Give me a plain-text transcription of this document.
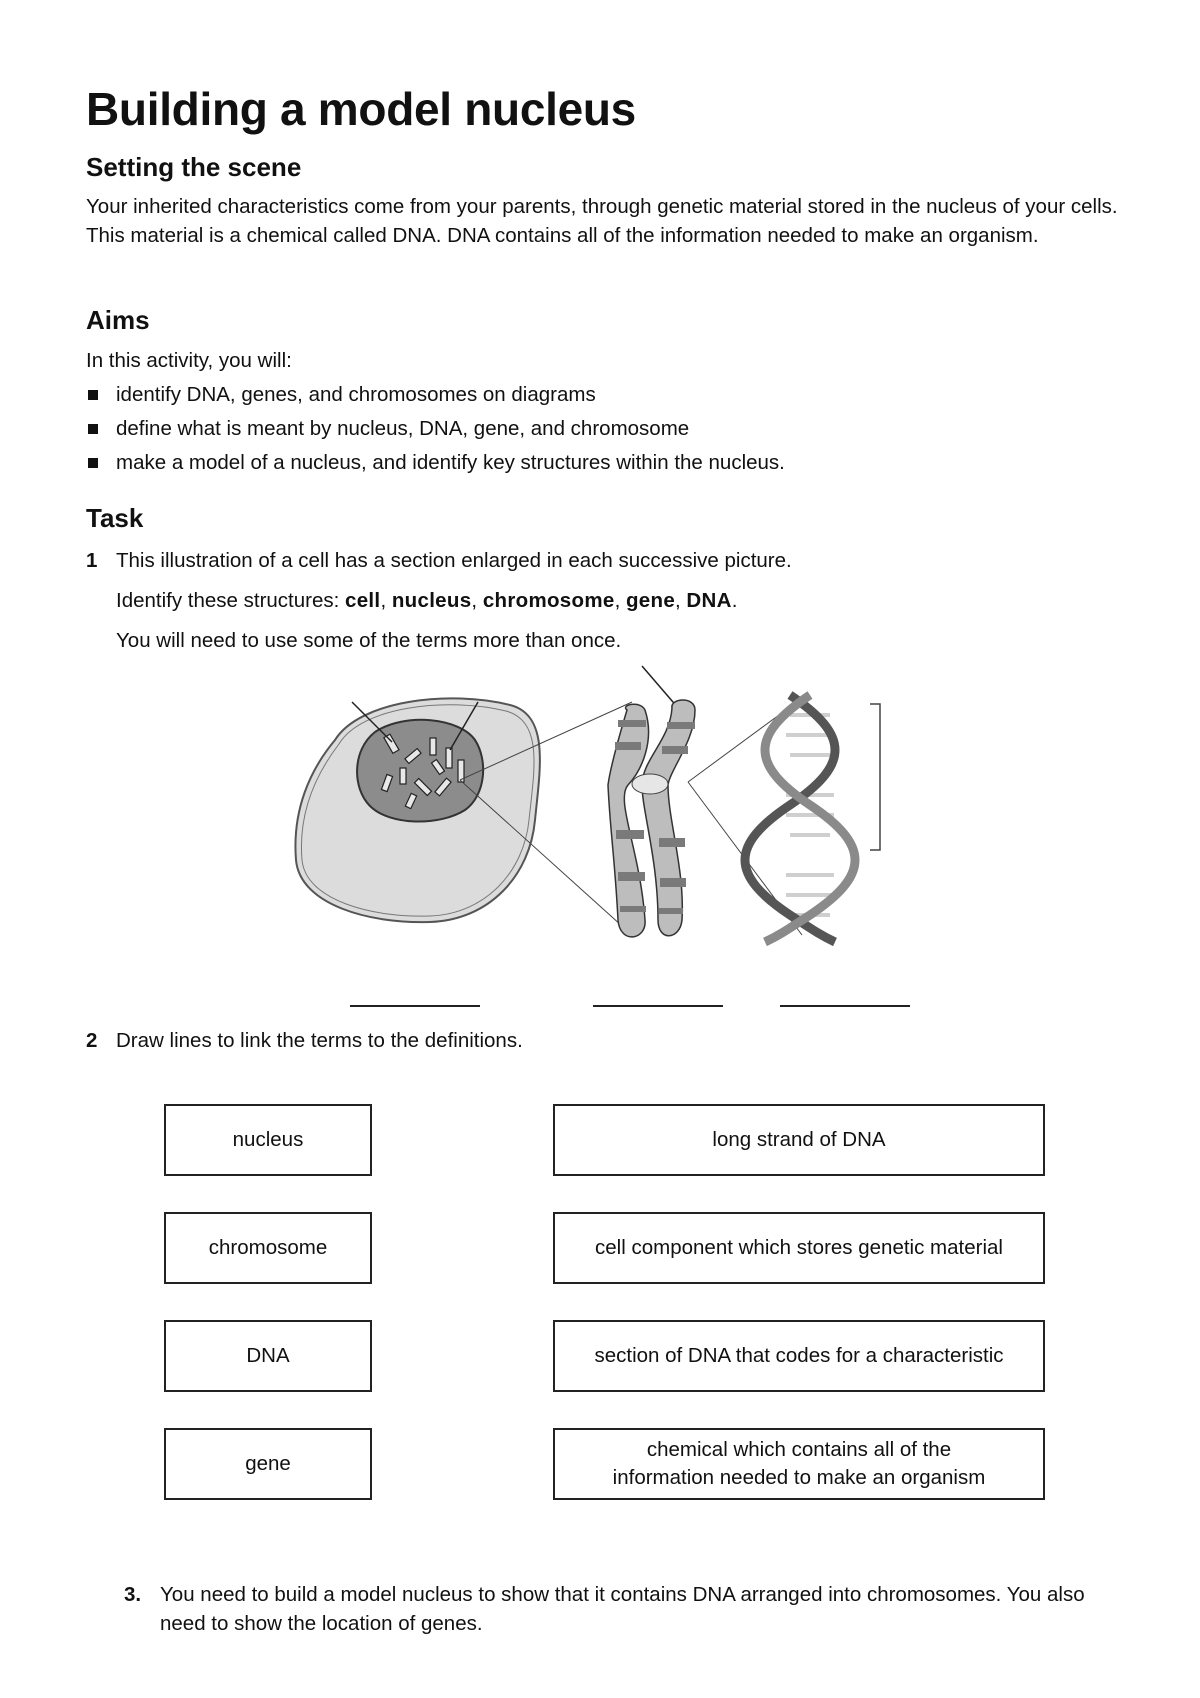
Building a model nucleus
Setting the scene

Your inherited characteristics come from your parents, through genetic material stored in the nucleus of your cells. This material is a chemical called DNA. DNA contains all of the information needed to make an organism.

Aims

In this activity, you will:

identify DNA, genes, and chromosomes on diagrams
define what is meant by nucleus, DNA, gene, and chromosome
make a model of a nucleus, and identify key structures within the nucleus.
Task
1 This illustration of a cell has a section enlarged in each successive picture.
Identify these structures: cell, nucleus, chromosome, gene, DNA.
You will need to use some of the terms more than once.
2 Draw lines to link the terms to the definitions.
nucleus
chromosome
DNA
gene
long strand of DNA
cell component which stores genetic material
section of DNA that codes for a characteristic
chemical which contains all of the information needed to make an organism
3. You need to build a model nucleus to show that it contains DNA arranged into chromosomes. You also need to show the location of genes.
